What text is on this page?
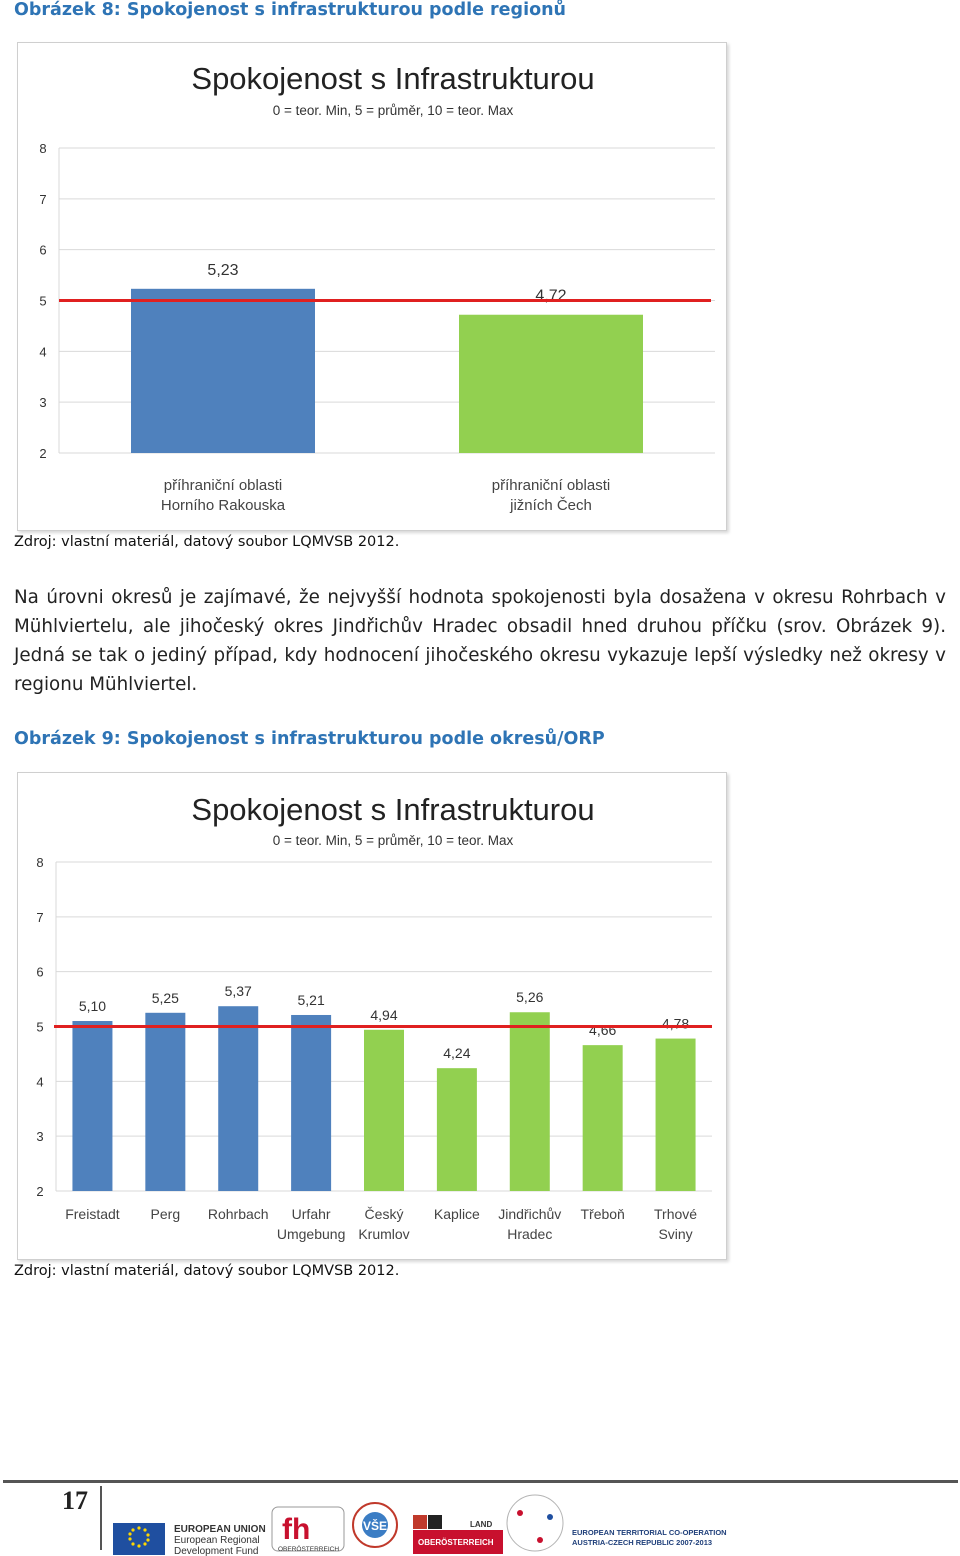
Obrázek 8: Spokojenost s infrastrukturou podle regionů
Spokojenost s Infrastrukturou
0 = teor. Min, 5 = průměr, 10 = teor. Max
2
3
4
5
6
7
8
5,23
příhraniční oblasti
Horního Rakouska
4,72
příhraniční oblasti
jižních Čech
Zdroj: vlastní materiál, datový soubor LQMVSB 2012.

Na úrovni okresů je zajímavé, že nejvyšší hodnota spokojenosti byla dosažena v okresu Rohrbach v Mühlviertelu, ale jihočeský okres Jindřichův Hradec obsadil hned druhou příčku (srov. Obrázek 9). Jedná se tak o jediný případ, kdy hodnocení jihočeského okresu vykazuje lepší výsledky než okresy v regionu Mühlviertel.

Obrázek 9: Spokojenost s infrastrukturou podle okresů/ORP
Spokojenost s Infrastrukturou
0 = teor. Min, 5 = průměr, 10 = teor. Max
2
3
4
5
6
7
8
5,10
Freistadt
5,25
Perg
5,37
Rohrbach
5,21
Urfahr
Umgebung
4,94
Český
Krumlov
4,24
Kaplice
5,26
Jindřichův
Hradec
4,66
Třeboň
4,78
Trhové
Sviny
Zdroj: vlastní materiál, datový soubor LQMVSB 2012.
17
EUROPEAN UNION
European Regional
Development Fund
fh
OBERÖSTERREICH
VŠE	LAND
OBERÖSTERREICH
EUROPEAN TERRITORIAL CO-OPERATION
AUSTRIA-CZECH REPUBLIC 2007-2013
